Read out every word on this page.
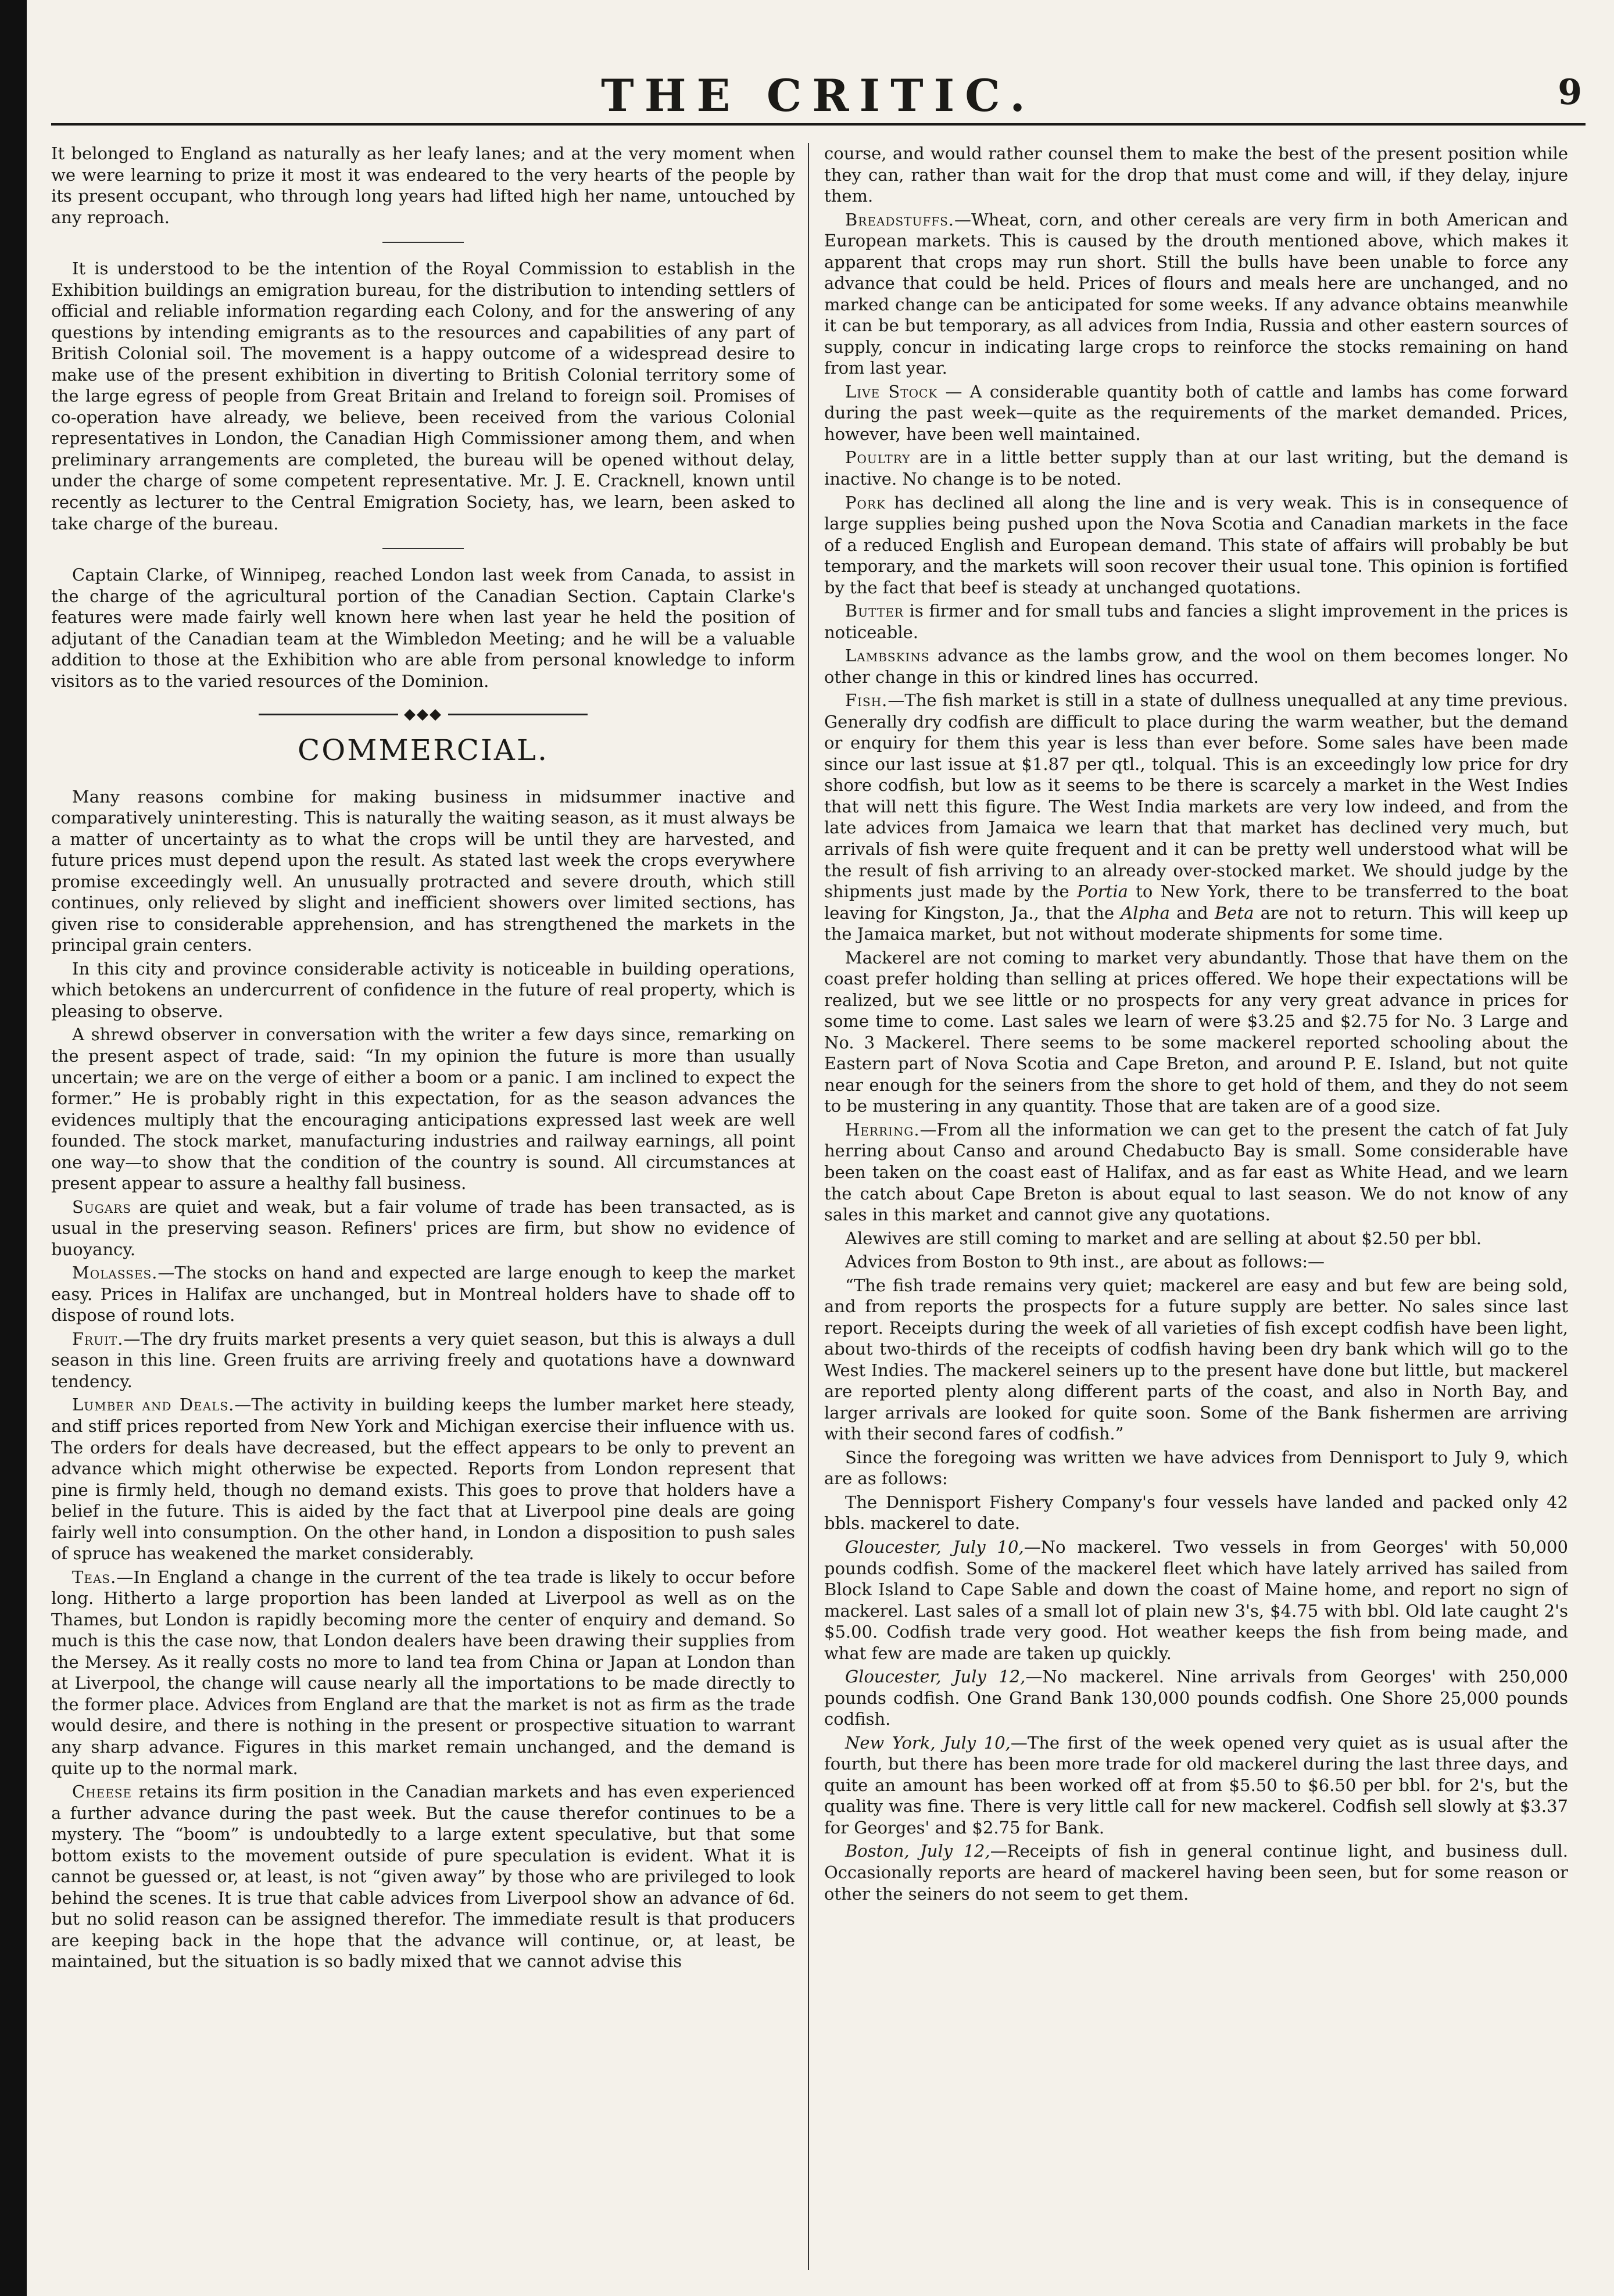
THE CRITIC.	9

It belonged to England as naturally as her leafy lanes; and at the very moment when we were learning to prize it most it was endeared to the very hearts of the people by its present occupant, who through long years had lifted high her name, untouched by any reproach.

It is understood to be the intention of the Royal Commission to establish in the Exhibition buildings an emigration bureau, for the distribution to intending settlers of official and reliable information regarding each Colony, and for the answering of any questions by intending emigrants as to the resources and capabilities of any part of British Colonial soil. The movement is a happy outcome of a widespread desire to make use of the present exhibition in diverting to British Colonial territory some of the large egress of people from Great Britain and Ireland to foreign soil. Promises of co-operation have already, we believe, been received from the various Colonial representatives in London, the Canadian High Commissioner among them, and when preliminary arrangements are completed, the bureau will be opened without delay, under the charge of some competent representative. Mr. J. E. Cracknell, known until recently as lecturer to the Central Emigration Society, has, we learn, been asked to take charge of the bureau.

Captain Clarke, of Winnipeg, reached London last week from Canada, to assist in the charge of the agricultural portion of the Canadian Section. Captain Clarke's features were made fairly well known here when last year he held the position of adjutant of the Canadian team at the Wimbledon Meeting; and he will be a valuable addition to those at the Exhibition who are able from personal knowledge to inform visitors as to the varied resources of the Dominion.

◆◆◆
COMMERCIAL.

Many reasons combine for making business in midsummer inactive and comparatively uninteresting. This is naturally the waiting season, as it must always be a matter of uncertainty as to what the crops will be until they are harvested, and future prices must depend upon the result. As stated last week the crops everywhere promise exceedingly well. An unusually protracted and severe drouth, which still continues, only relieved by slight and inefficient showers over limited sections, has given rise to considerable apprehension, and has strengthened the markets in the principal grain centers.

In this city and province considerable activity is noticeable in building operations, which betokens an undercurrent of confidence in the future of real property, which is pleasing to observe.

A shrewd observer in conversation with the writer a few days since, remarking on the present aspect of trade, said: “In my opinion the future is more than usually uncertain; we are on the verge of either a boom or a panic. I am inclined to expect the former.” He is probably right in this expectation, for as the season advances the evidences multiply that the encouraging anticipations expressed last week are well founded. The stock market, manufacturing industries and railway earnings, all point one way—to show that the condition of the country is sound. All circumstances at present appear to assure a healthy fall business.

Sugars are quiet and weak, but a fair volume of trade has been transacted, as is usual in the preserving season. Refiners' prices are firm, but show no evidence of buoyancy.

Molasses.—The stocks on hand and expected are large enough to keep the market easy. Prices in Halifax are unchanged, but in Montreal holders have to shade off to dispose of round lots.

Fruit.—The dry fruits market presents a very quiet season, but this is always a dull season in this line. Green fruits are arriving freely and quotations have a downward tendency.

Lumber and Deals.—The activity in building keeps the lumber market here steady, and stiff prices reported from New York and Michigan exercise their influence with us. The orders for deals have decreased, but the effect appears to be only to prevent an advance which might otherwise be expected. Reports from London represent that pine is firmly held, though no demand exists. This goes to prove that holders have a belief in the future. This is aided by the fact that at Liverpool pine deals are going fairly well into consumption. On the other hand, in London a disposition to push sales of spruce has weakened the market considerably.

Teas.—In England a change in the current of the tea trade is likely to occur before long. Hitherto a large proportion has been landed at Liverpool as well as on the Thames, but London is rapidly becoming more the center of enquiry and demand. So much is this the case now, that London dealers have been drawing their supplies from the Mersey. As it really costs no more to land tea from China or Japan at London than at Liverpool, the change will cause nearly all the importations to be made directly to the former place. Advices from England are that the market is not as firm as the trade would desire, and there is nothing in the present or prospective situation to warrant any sharp advance. Figures in this market remain unchanged, and the demand is quite up to the normal mark.

Cheese retains its firm position in the Canadian markets and has even experienced a further advance during the past week. But the cause therefor continues to be a mystery. The “boom” is undoubtedly to a large extent speculative, but that some bottom exists to the movement outside of pure speculation is evident. What it is cannot be guessed or, at least, is not “given away” by those who are privileged to look behind the scenes. It is true that cable advices from Liverpool show an advance of 6d. but no solid reason can be assigned therefor. The immediate result is that producers are keeping back in the hope that the advance will continue, or, at least, be maintained, but the situation is so badly mixed that we cannot advise this

course, and would rather counsel them to make the best of the present position while they can, rather than wait for the drop that must come and will, if they delay, injure them.

Breadstuffs.—Wheat, corn, and other cereals are very firm in both American and European markets. This is caused by the drouth mentioned above, which makes it apparent that crops may run short. Still the bulls have been unable to force any advance that could be held. Prices of flours and meals here are unchanged, and no marked change can be anticipated for some weeks. If any advance obtains meanwhile it can be but temporary, as all advices from India, Russia and other eastern sources of supply, concur in indicating large crops to reinforce the stocks remaining on hand from last year.

Live Stock — A considerable quantity both of cattle and lambs has come forward during the past week—quite as the requirements of the market demanded. Prices, however, have been well maintained.

Poultry are in a little better supply than at our last writing, but the demand is inactive. No change is to be noted.

Pork has declined all along the line and is very weak. This is in consequence of large supplies being pushed upon the Nova Scotia and Canadian markets in the face of a reduced English and European demand. This state of affairs will probably be but temporary, and the markets will soon recover their usual tone. This opinion is fortified by the fact that beef is steady at unchanged quotations.

Butter is firmer and for small tubs and fancies a slight improvement in the prices is noticeable.

Lambskins advance as the lambs grow, and the wool on them becomes longer. No other change in this or kindred lines has occurred.

Fish.—The fish market is still in a state of dullness unequalled at any time previous. Generally dry codfish are difficult to place during the warm weather, but the demand or enquiry for them this year is less than ever before. Some sales have been made since our last issue at $1.87 per qtl., tolqual. This is an exceedingly low price for dry shore codfish, but low as it seems to be there is scarcely a market in the West Indies that will nett this figure. The West India markets are very low indeed, and from the late advices from Jamaica we learn that that market has declined very much, but arrivals of fish were quite frequent and it can be pretty well understood what will be the result of fish arriving to an already over-stocked market. We should judge by the shipments just made by the Portia to New York, there to be transferred to the boat leaving for Kingston, Ja., that the Alpha and Beta are not to return. This will keep up the Jamaica market, but not without moderate shipments for some time.

Mackerel are not coming to market very abundantly. Those that have them on the coast prefer holding than selling at prices offered. We hope their expectations will be realized, but we see little or no prospects for any very great advance in prices for some time to come. Last sales we learn of were $3.25 and $2.75 for No. 3 Large and No. 3 Mackerel. There seems to be some mackerel reported schooling about the Eastern part of Nova Scotia and Cape Breton, and around P. E. Island, but not quite near enough for the seiners from the shore to get hold of them, and they do not seem to be mustering in any quantity. Those that are taken are of a good size.

Herring.—From all the information we can get to the present the catch of fat July herring about Canso and around Chedabucto Bay is small. Some considerable have been taken on the coast east of Halifax, and as far east as White Head, and we learn the catch about Cape Breton is about equal to last season. We do not know of any sales in this market and cannot give any quotations.

Alewives are still coming to market and are selling at about $2.50 per bbl.

Advices from Boston to 9th inst., are about as follows:—

“The fish trade remains very quiet; mackerel are easy and but few are being sold, and from reports the prospects for a future supply are better. No sales since last report. Receipts during the week of all varieties of fish except codfish have been light, about two-thirds of the receipts of codfish having been dry bank which will go to the West Indies. The mackerel seiners up to the present have done but little, but mackerel are reported plenty along different parts of the coast, and also in North Bay, and larger arrivals are looked for quite soon. Some of the Bank fishermen are arriving with their second fares of codfish.”

Since the foregoing was written we have advices from Dennisport to July 9, which are as follows:

The Dennisport Fishery Company's four vessels have landed and packed only 42 bbls. mackerel to date.

Gloucester, July 10,—No mackerel. Two vessels in from Georges' with 50,000 pounds codfish. Some of the mackerel fleet which have lately arrived has sailed from Block Island to Cape Sable and down the coast of Maine home, and report no sign of mackerel. Last sales of a small lot of plain new 3's, $4.75 with bbl. Old late caught 2's $5.00. Codfish trade very good. Hot weather keeps the fish from being made, and what few are made are taken up quickly.

Gloucester, July 12,—No mackerel. Nine arrivals from Georges' with 250,000 pounds codfish. One Grand Bank 130,000 pounds codfish. One Shore 25,000 pounds codfish.

New York, July 10,—The first of the week opened very quiet as is usual after the fourth, but there has been more trade for old mackerel during the last three days, and quite an amount has been worked off at from $5.50 to $6.50 per bbl. for 2's, but the quality was fine. There is very little call for new mackerel. Codfish sell slowly at $3.37 for Georges' and $2.75 for Bank.

Boston, July 12,—Receipts of fish in general continue light, and business dull. Occasionally reports are heard of mackerel having been seen, but for some reason or other the seiners do not seem to get them.
